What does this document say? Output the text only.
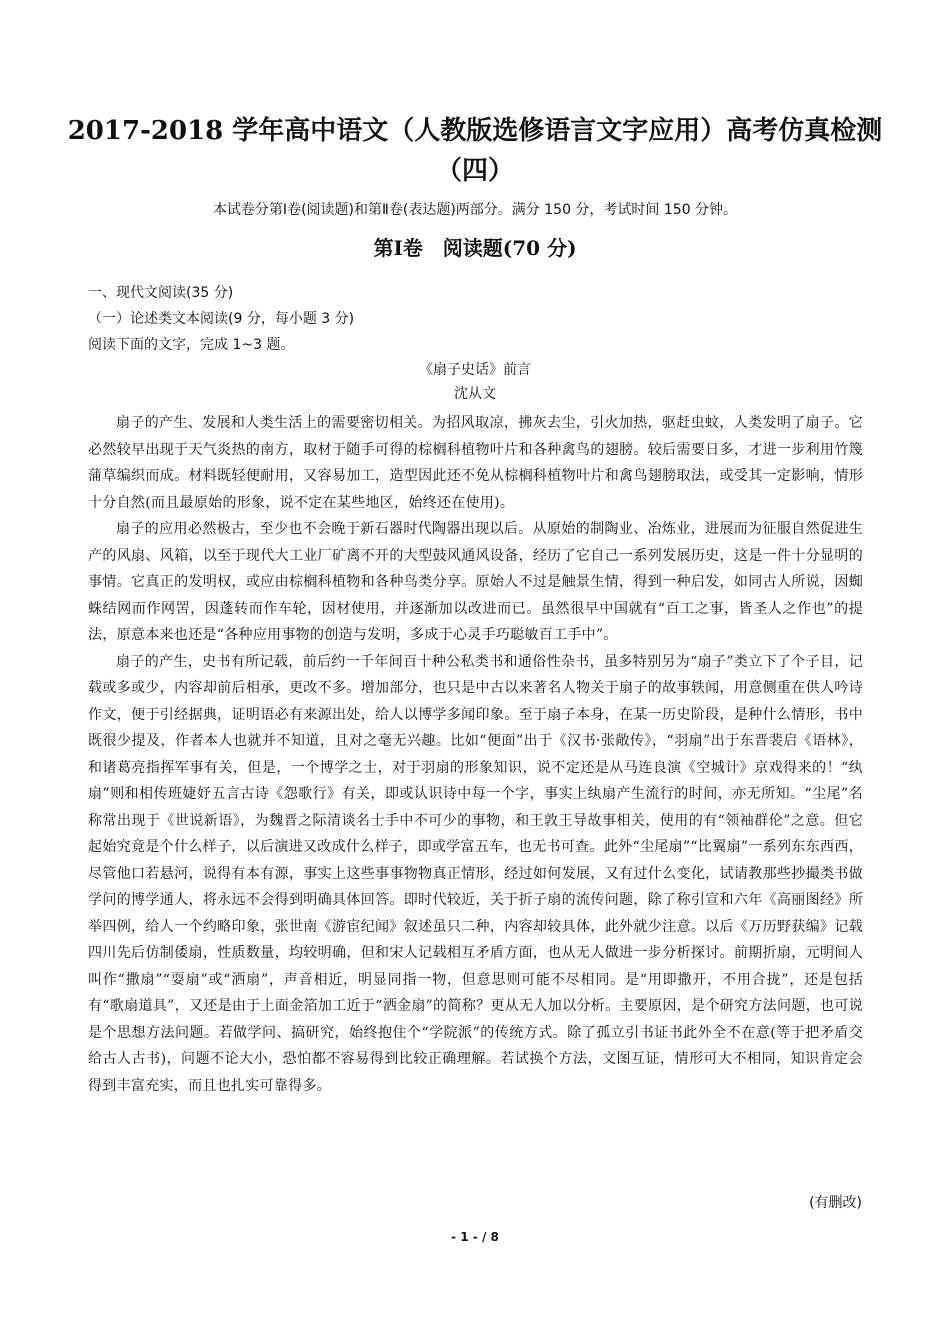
2017-2018 学年高中语文（人教版选修语言文字应用）高考仿真检测
（四）
本试卷分第Ⅰ卷(阅读题)和第Ⅱ卷(表达题)两部分。满分 150 分，考试时间 150 分钟。
第Ⅰ卷　阅读题(70 分)
一、现代文阅读(35 分)
（一）论述类文本阅读(9 分，每小题 3 分)
阅读下面的文字，完成 1~3 题。
《扇子史话》前言
沈从文

扇子的产生、发展和人类生活上的需要密切相关。为招风取凉，拂灰去尘，引火加热，驱赶虫蚊，人类发明了扇子。它必然较早出现于天气炎热的南方，取材于随手可得的棕榈科植物叶片和各种禽鸟的翅膀。较后需要日多，才进一步利用竹篾蒲草编织而成。材料既轻便耐用，又容易加工，造型因此还不免从棕榈科植物叶片和禽鸟翅膀取法，或受其一定影响，情形十分自然(而且最原始的形象，说不定在某些地区，始终还在使用)。

扇子的应用必然极古，至少也不会晚于新石器时代陶器出现以后。从原始的制陶业、冶炼业，进展而为征服自然促进生产的风扇、风箱，以至于现代大工业厂矿离不开的大型鼓风通风设备，经历了它自己一系列发展历史，这是一件十分显明的事情。它真正的发明权，或应由棕榈科植物和各种鸟类分享。原始人不过是触景生情，得到一种启发，如同古人所说，因蜘蛛结网而作网罟，因蓬转而作车轮，因材使用，并逐渐加以改进而已。虽然很早中国就有“百工之事，皆圣人之作也”的提法，原意本来也还是“各种应用事物的创造与发明，多成于心灵手巧聪敏百工手中”。

扇子的产生，史书有所记载，前后约一千年间百十种公私类书和通俗性杂书，虽多特别另为“扇子”类立下了个子目，记载或多或少，内容却前后相承，更改不多。增加部分，也只是中古以来著名人物关于扇子的故事轶闻，用意侧重在供人吟诗作文，便于引经据典，证明语必有来源出处，给人以博学多闻印象。至于扇子本身，在某一历史阶段，是种什么情形，书中既很少提及，作者本人也就并不知道，且对之毫无兴趣。比如“便面”出于《汉书·张敞传》，“羽扇”出于东晋裴启《语林》，和诸葛亮指挥军事有关，但是，一个博学之士，对于羽扇的形象知识，说不定还是从马连良演《空城计》京戏得来的！“纨扇”则和相传班婕妤五言古诗《怨歌行》有关，即或认识诗中每一个字，事实上纨扇产生流行的时间，亦无所知。“尘尾”名称常出现于《世说新语》，为魏晋之际清谈名士手中不可少的事物，和王敦王导故事相关，使用的有“领袖群伦”之意。但它起始究竟是个什么样子，以后演进又改成什么样子，即或学富五车，也无书可查。此外“尘尾扇”“比翼扇”一系列东东西西，尽管他口若悬河，说得有本有源，事实上这些事事物物真正情形，经过如何发展，又有过什么变化，试请教那些抄撮类书做学问的博学通人，将永远不会得到明确具体回答。即时代较近，关于折子扇的流传问题，除了称引宣和六年《高丽图经》所举四例，给人一个约略印象，张世南《游宦纪闻》叙述虽只二种，内容却较具体，此外就少注意。以后《万历野获编》记载四川先后仿制倭扇，性质数量，均较明确，但和宋人记载相互矛盾方面，也从无人做进一步分析探讨。前期折扇，元明间人叫作“撒扇”“耍扇”或“洒扇”，声音相近，明显同指一物，但意思则可能不尽相同。是“用即撒开，不用合拢”，还是包括有“歌扇道具”，又还是由于上面金箔加工近于“洒金扇”的简称？更从无人加以分析。主要原因，是个研究方法问题，也可说是个思想方法问题。若做学问、搞研究，始终抱住个“学院派”的传统方式。除了孤立引书证书此外全不在意(等于把矛盾交给古人古书)，问题不论大小，恐怕都不容易得到比较正确理解。若试换个方法，文图互证，情形可大不相同，知识肯定会得到丰富充实，而且也扎实可靠得多。

(有删改)
- 1 - / 8
